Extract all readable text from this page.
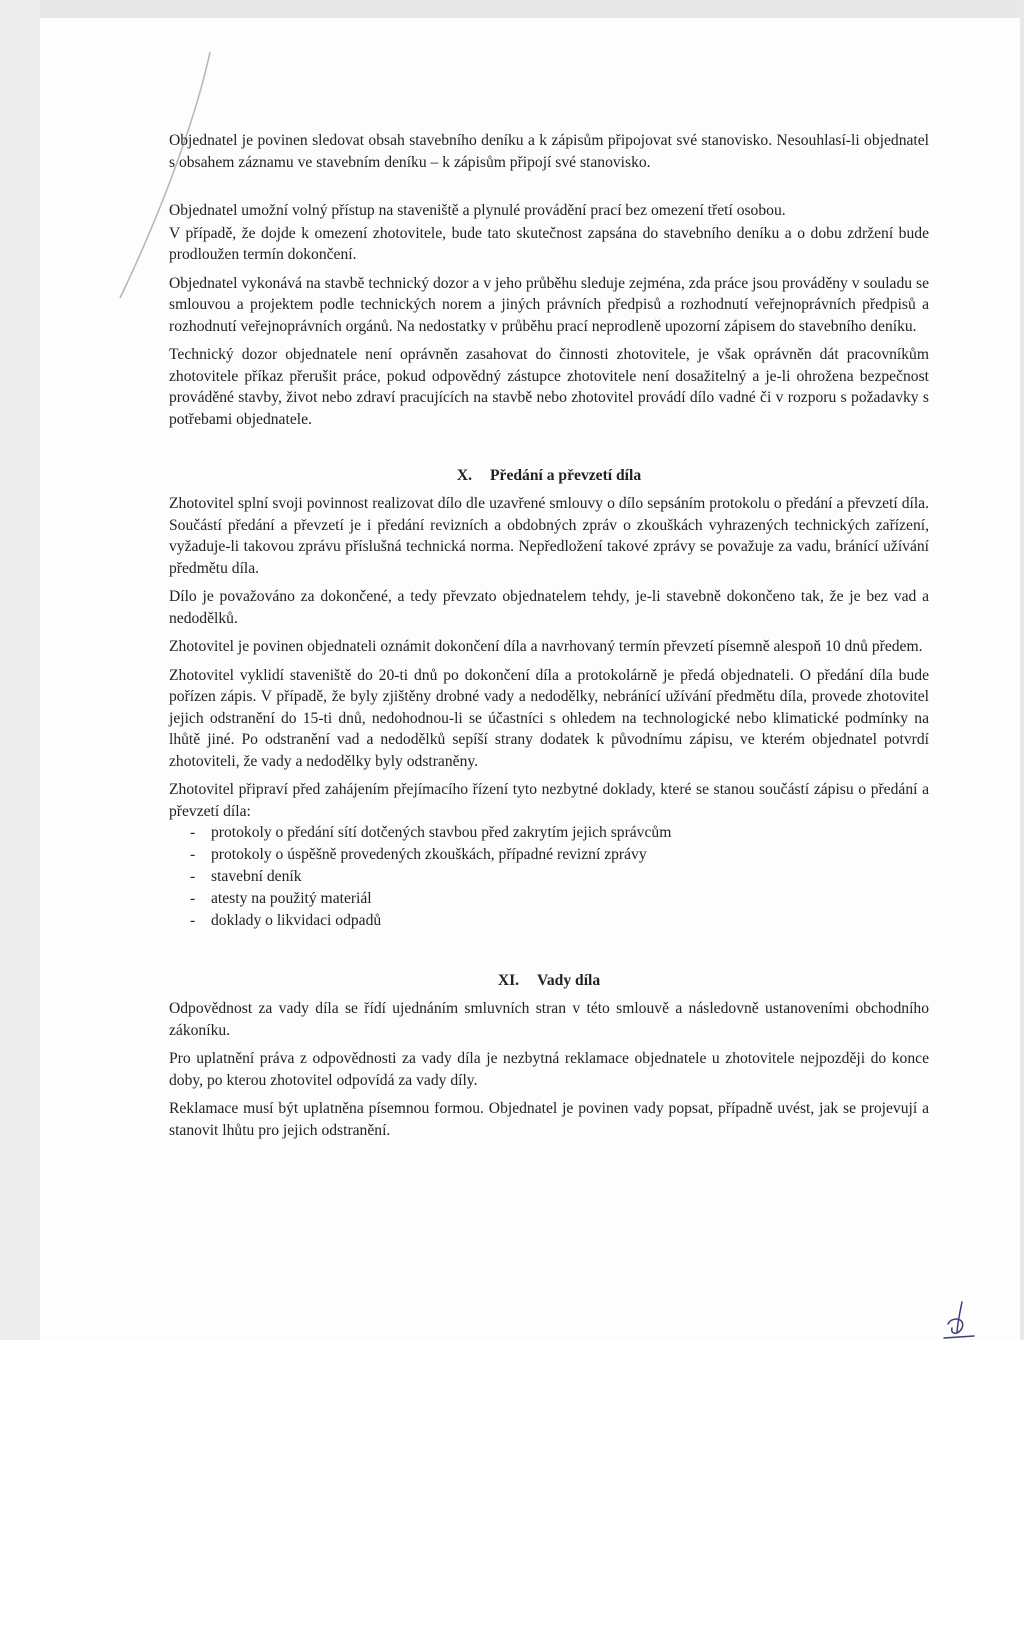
Objednatel je povinen sledovat obsah stavebního deníku a k zápisům připojovat své stanovisko. Nesouhlasí-li objednatel s obsahem záznamu ve stavebním deníku – k zápisům připojí své stanovisko.

Objednatel umožní volný přístup na staveniště a plynulé provádění prací bez omezení třetí osobou.

V případě, že dojde k omezení zhotovitele, bude tato skutečnost zapsána do stavebního deníku a o dobu zdržení bude prodloužen termín dokončení.

Objednatel vykonává na stavbě technický dozor a v jeho průběhu sleduje zejména, zda práce jsou prováděny v souladu se smlouvou a projektem podle technických norem a jiných právních předpisů a rozhodnutí veřejnoprávních předpisů a rozhodnutí veřejnoprávních orgánů. Na nedostatky v průběhu prací neprodleně upozorní zápisem do stavebního deníku.

Technický dozor objednatele není oprávněn zasahovat do činnosti zhotovitele, je však oprávněn dát pracovníkům zhotovitele příkaz přerušit práce, pokud odpovědný zástupce zhotovitele není dosažitelný a je-li ohrožena bezpečnost prováděné stavby, život nebo zdraví pracujících na stavbě nebo zhotovitel provádí dílo vadné či v rozporu s požadavky s potřebami objednatele.

X. Předání a převzetí díla

Zhotovitel splní svoji povinnost realizovat dílo dle uzavřené smlouvy o dílo sepsáním protokolu o předání a převzetí díla. Součástí předání a převzetí je i předání revizních a obdobných zpráv o zkouškách vyhrazených technických zařízení, vyžaduje-li takovou zprávu příslušná technická norma. Nepředložení takové zprávy se považuje za vadu, bránící užívání předmětu díla.

Dílo je považováno za dokončené, a tedy převzato objednatelem tehdy, je-li stavebně dokončeno tak, že je bez vad a nedodělků.

Zhotovitel je povinen objednateli oznámit dokončení díla a navrhovaný termín převzetí písemně alespoň 10 dnů předem.

Zhotovitel vyklidí staveniště do 20-ti dnů po dokončení díla a protokolárně je předá objednateli. O předání díla bude pořízen zápis. V případě, že byly zjištěny drobné vady a nedodělky, nebránící užívání předmětu díla, provede zhotovitel jejich odstranění do 15-ti dnů, nedohodnou-li se účastníci s ohledem na technologické nebo klimatické podmínky na lhůtě jiné. Po odstranění vad a nedodělků sepíší strany dodatek k původnímu zápisu, ve kterém objednatel potvrdí zhotoviteli, že vady a nedodělky byly odstraněny.

Zhotovitel připraví před zahájením přejímacího řízení tyto nezbytné doklady, které se stanou součástí zápisu o předání a převzetí díla:

- protokoly o předání sítí dotčených stavbou před zakrytím jejich správcům
- protokoly o úspěšně provedených zkouškách, případné revizní zprávy
- stavební deník
- atesty na použitý materiál
- doklady o likvidaci odpadů
XI. Vady díla

Odpovědnost za vady díla se řídí ujednáním smluvních stran v této smlouvě a následovně ustanoveními obchodního zákoníku.

Pro uplatnění práva z odpovědnosti za vady díla je nezbytná reklamace objednatele u zhotovitele nejpozději do konce doby, po kterou zhotovitel odpovídá za vady díly.

Reklamace musí být uplatněna písemnou formou. Objednatel je povinen vady popsat, případně uvést, jak se projevují a stanovit lhůtu pro jejich odstranění.
